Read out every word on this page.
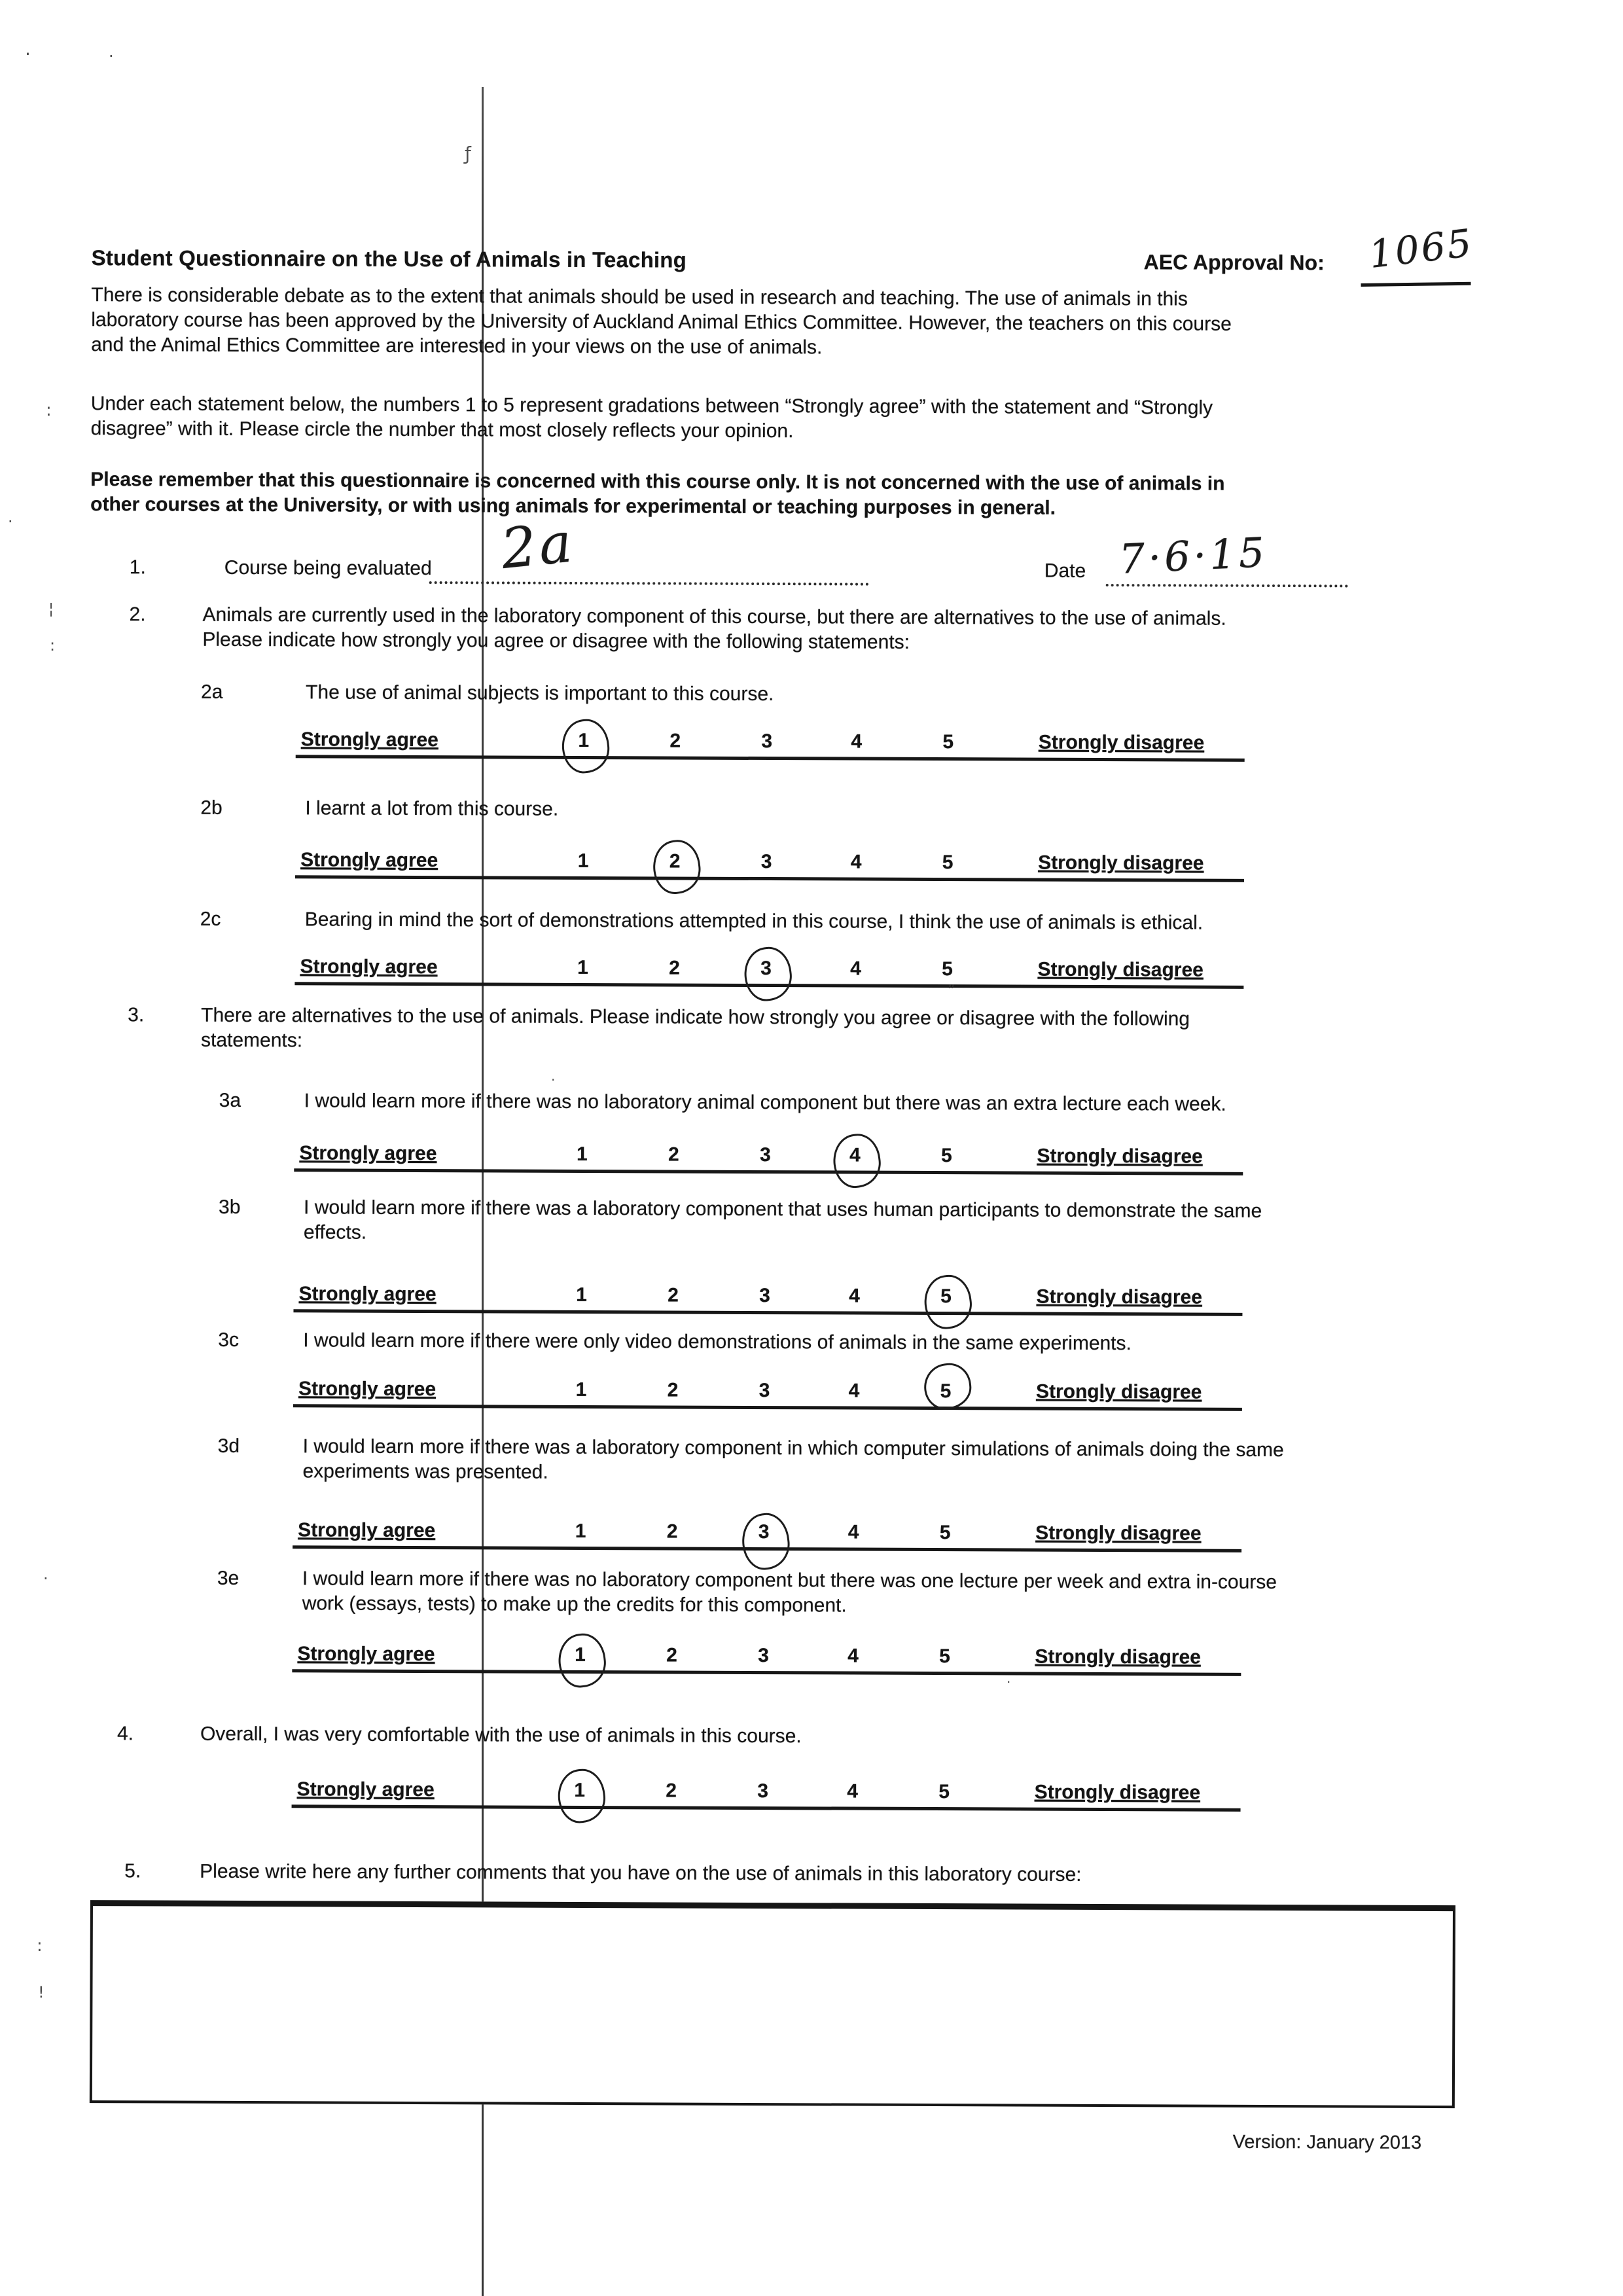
Student Questionnaire on the Use of Animals in Teaching	AEC Approval No: 1065
There is considerable debate as to the extent that animals should be used in research and teaching. The use of animals in this
laboratory course has been approved by the University of Auckland Animal Ethics Committee. However, the teachers on this course
and the Animal Ethics Committee are interested in your views on the use of animals.
Under each statement below, the numbers 1 to 5 represent gradations between “Strongly agree” with the statement and “Strongly
disagree” with it. Please circle the number that most closely reflects your opinion.
Please remember that this questionnaire is concerned with this course only. It is not concerned with the use of animals in
other courses at the University, or with using animals for experimental or teaching purposes in general.
1.	Course being evaluated 2a	Date 7·6·15
2.	Animals are currently used in the laboratory component of this course, but there are alternatives to the use of animals.
Please indicate how strongly you agree or disagree with the following statements:
2a	The use of animal subjects is important to this course.
Strongly agree	1	2	3	4	5	Strongly disagree
2b	I learnt a lot from this course.
Strongly agree	1	2	3	4	5	Strongly disagree
2c	Bearing in mind the sort of demonstrations attempted in this course, I think the use of animals is ethical.
Strongly agree	1	2	3	4	5	Strongly disagree
3.	There are alternatives to the use of animals. Please indicate how strongly you agree or disagree with the following
statements:
3a	I would learn more if there was no laboratory animal component but there was an extra lecture each week.
Strongly agree	1	2	3	4	5	Strongly disagree
3b	I would learn more if there was a laboratory component that uses human participants to demonstrate the same
effects.
Strongly agree	1	2	3	4	5	Strongly disagree
3c	I would learn more if there were only video demonstrations of animals in the same experiments.
Strongly agree	1	2	3	4	5	Strongly disagree
3d	I would learn more if there was a laboratory component in which computer simulations of animals doing the same
experiments was presented.
Strongly agree	1	2	3	4	5	Strongly disagree
3e	I would learn more if there was no laboratory component but there was one lecture per week and extra in-course
work (essays, tests) to make up the credits for this component.
Strongly agree	1	2	3	4	5	Strongly disagree
4.	Overall, I was very comfortable with the use of animals in this course.
Strongly agree	1	2	3	4	5	Strongly disagree
5.	Please write here any further comments that you have on the use of animals in this laboratory course:
Version: January 2013
.	·
ƒ
:
.
¦
:
”
·
·
:
!
·
